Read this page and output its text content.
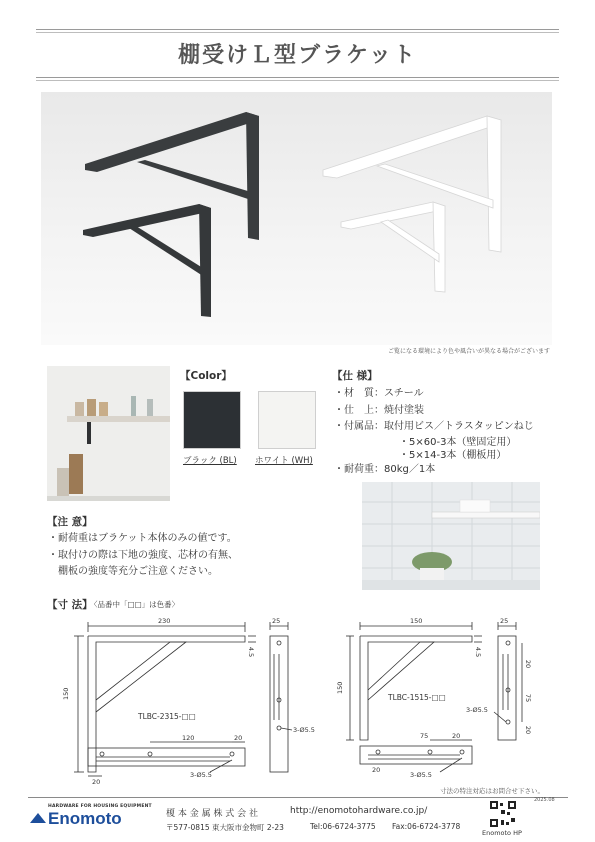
棚受けＬ型ブラケット
ご覧になる環境により色や風合いが異なる場合がございます
【Color】
ブラック (BL) ホワイト (WH)
【仕 様】
・材　質：スチール
・仕　上：焼付塗装
・付属品：取付用ビス／トラスタッピンねじ
・5×60-3本（壁固定用）
・5×14-3本（棚板用）
・耐荷重：80kg／1本
【注 意】
・耐荷重はブラケット本体のみの値です。
・取付けの際は下地の強度、芯材の有無、
　棚板の強度等充分ご注意ください。
【寸 法】
〈品番中「□□」は色番〉
230
150
4.5
25
TLBC-2315-□□
3-Ø5.5
120	20
20
3-Ø5.5
150
150
4.5
25
TLBC-1515-□□
3-Ø5.5
20
75
20
75	20
20
3-Ø5.5
寸法の特注対応はお問合せ下さい。
HARDWARE FOR HOUSING EQUIPMENT
Enomoto	榎 本 金 属 株 式 会 社	http://enomotohardware.co.jp/
〒577-0815 東大阪市金物町 2-23	Tel:06-6724-3775 Fax:06-6724-3778
2025.08
Enomoto HP
